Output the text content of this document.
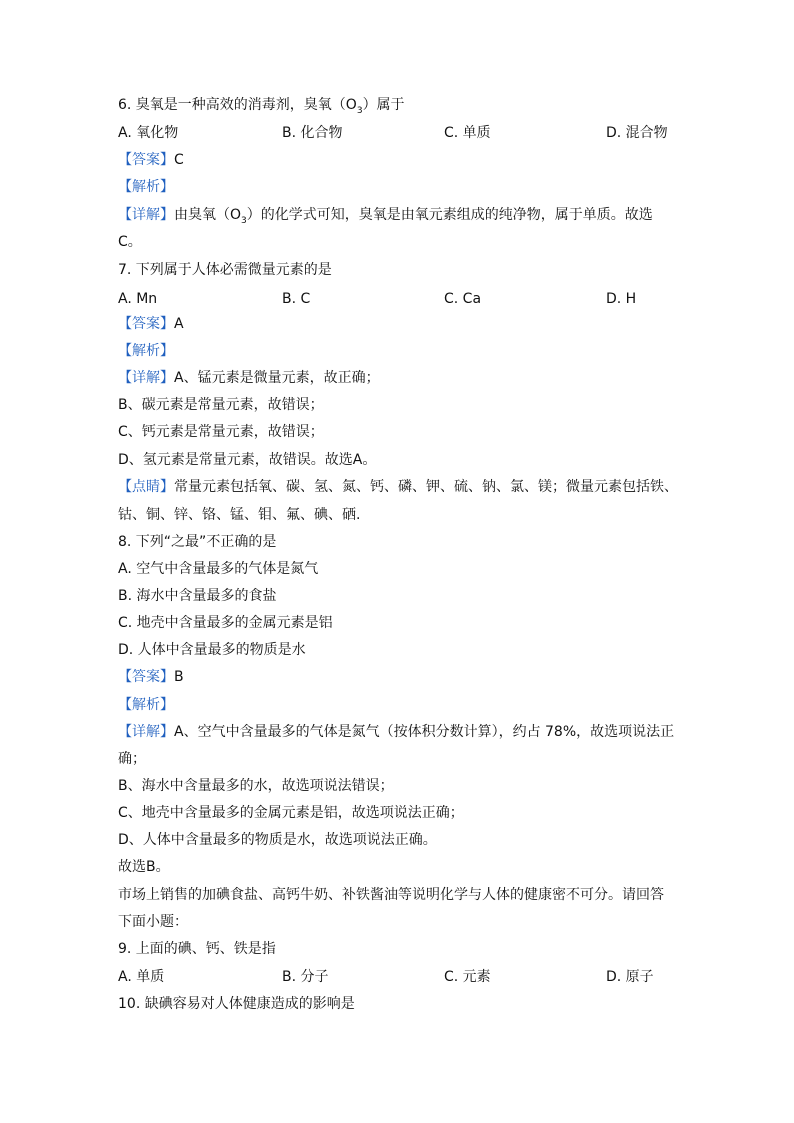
6. 臭氧是一种高效的消毒剂，臭氧$(O_3)$属于
A. 氧化物	B. 化合物	C. 单质	D. 混合物
【答案】C
【解析】
【详解】由臭氧$(O_3)$的化学式可知，臭氧是由氧元素组成的纯净物，属于单质。故选
C。
7. 下列属于人体必需微量元素的是
A. Mn	B. C	C. Ca	D. H
【答案】A
【解析】
【详解】A、锰元素是微量元素，故正确；
B、碳元素是常量元素，故错误；
C、钙元素是常量元素，故错误；
D、氢元素是常量元素，故错误。故选A。
【点睛】常量元素包括氧、碳、氢、氮、钙、磷、钾、硫、钠、氯、镁；微量元素包括铁、
钴、铜、锌、铬、锰、钼、氟、碘、硒.
8. 下列“之最”不正确的是
A. 空气中含量最多的气体是氮气
B. 海水中含量最多的食盐
C. 地壳中含量最多的金属元素是铝
D. 人体中含量最多的物质是水
【答案】B
【解析】
【详解】A、空气中含量最多的气体是氮气（按体积分数计算），约占 78%，故选项说法正
确；
B、海水中含量最多的水，故选项说法错误；
C、地壳中含量最多的金属元素是铝，故选项说法正确；
D、人体中含量最多的物质是水，故选项说法正确。
故选B。
市场上销售的加碘食盐、高钙牛奶、补铁酱油等说明化学与人体的健康密不可分。请回答
下面小题：
9. 上面的碘、钙、铁是指
A. 单质	B. 分子	C. 元素	D. 原子
10. 缺碘容易对人体健康造成的影响是
